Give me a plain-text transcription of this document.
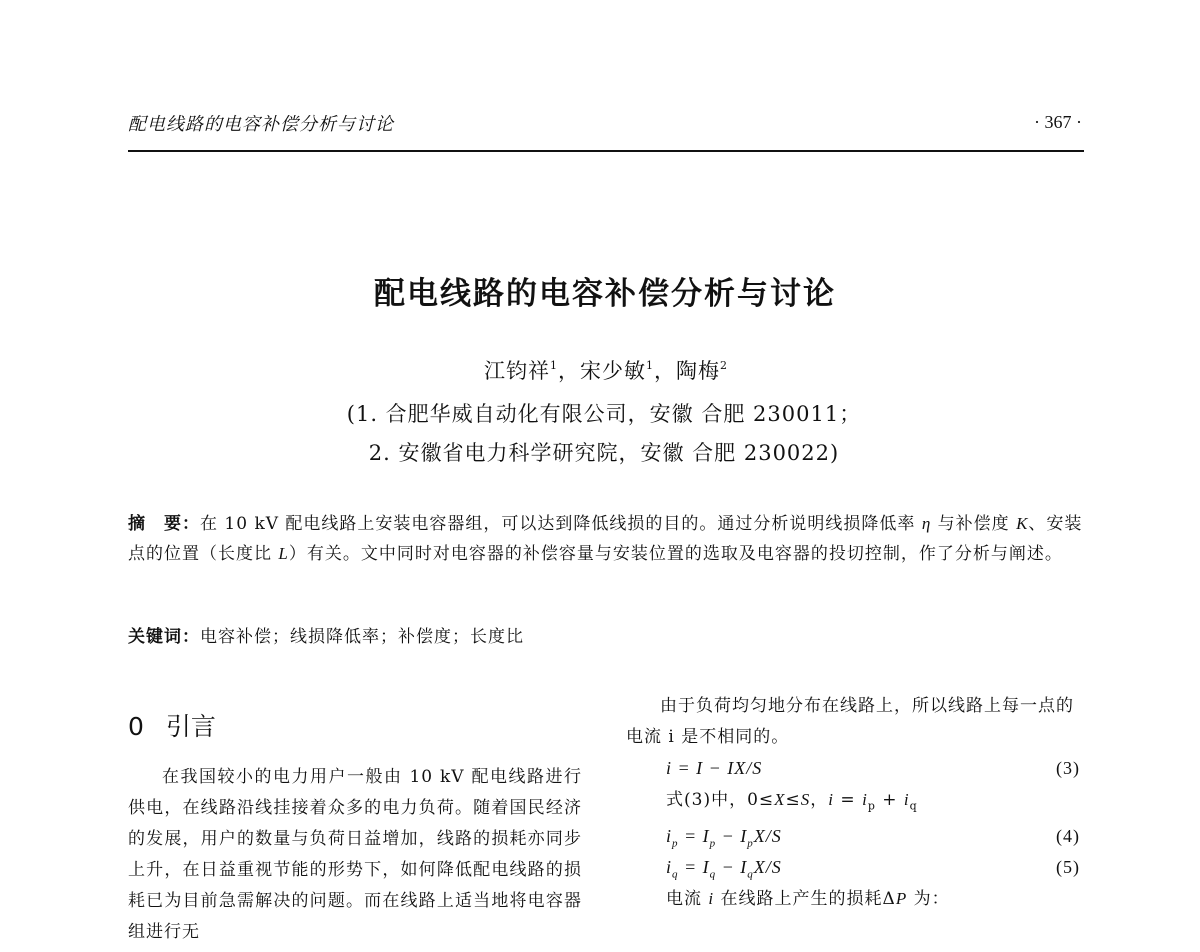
配电线路的电容补偿分析与讨论	· 367 ·
配电线路的电容补偿分析与讨论
江钧祥$^1$，宋少敏$^1$，陶梅$^2$
(1. 合肥华威自动化有限公司，安徽 合肥 230011；
2. 安徽省电力科学研究院，安徽 合肥 230022)
摘　要：在 10 kV 配电线路上安装电容器组，可以达到降低线损的目的。通过分析说明线损降低率 η 与补偿度 K、安装点的位置（长度比 L）有关。文中同时对电容器的补偿容量与安装位置的选取及电容器的投切控制，作了分析与阐述。
关键词：电容补偿；线损降低率；补偿度；长度比
0 引言

在我国较小的电力用户一般由 10 kV 配电线路进行供电，在线路沿线挂接着众多的电力负荷。随着国民经济的发展，用户的数量与负荷日益增加，线路的损耗亦同步上升，在日益重视节能的形势下，如何降低配电线路的损耗已为目前急需解决的问题。而在线路上适当地将电容器组进行无

由于负荷均匀地分布在线路上，所以线路上每一点的电流 i 是不相同的。

i = I − IX/S	(3)
式(3)中，0≤X≤S，$i = i_p + i_q$
$i_p = I_p - I_pX/S$	(4)
$i_q = I_q - I_qX/S$	(5)
电流 i 在线路上产生的损耗ΔP 为：
